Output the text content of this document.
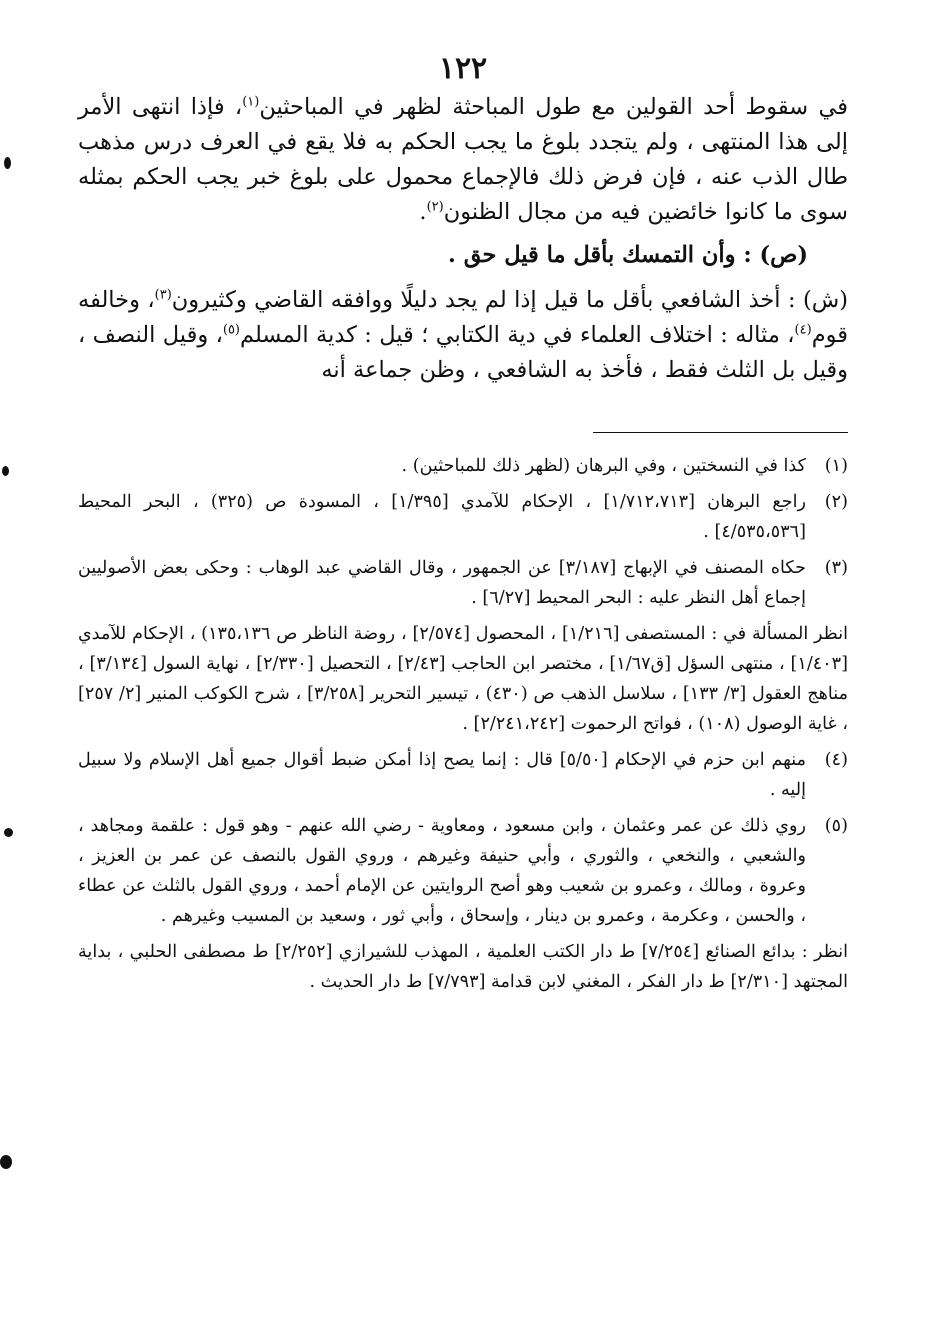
١٢٢

في سقوط أحد القولين مع طول المباحثة لظهر في المباحثين$^{(١)}$، فإذا انتهى الأمر إلى هذا المنتهى ، ولم يتجدد بلوغ ما يجب الحكم به فلا يقع في العرف درس مذهب طال الذب عنه ، فإن فرض ذلك فالإجماع محمول على بلوغ خبر يجب الحكم بمثله سوى ما كانوا خائضين فيه من مجال الظنون$^{(٢)}$.

(ص) : وأن التمسك بأقل ما قيل حق .

(ش) : أخذ الشافعي بأقل ما قيل إذا لم يجد دليلًا ووافقه القاضي وكثيرون$^{(٣)}$، وخالفه قوم$^{(٤)}$، مثاله : اختلاف العلماء في دية الكتابي ؛ قيل : كدية المسلم$^{(٥)}$، وقيل النصف ، وقيل بل الثلث فقط ، فأخذ به الشافعي ، وظن جماعة أنه

(١)
كذا في النسختين ، وفي البرهان (لظهر ذلك للمباحثين) .
(٢)
راجع البرهان [١/٧١٢،٧١٣] ، الإحكام للآمدي [١/٣٩٥] ، المسودة ص (٣٢٥) ، البحر المحيط [٤/٥٣٥،٥٣٦] .
(٣)
حكاه المصنف في الإبهاج [٣/١٨٧] عن الجمهور ، وقال القاضي عبد الوهاب : وحكى بعض الأصوليين إجماع أهل النظر عليه : البحر المحيط [٦/٢٧] .
انظر المسألة في : المستصفى [١/٢١٦] ، المحصول [٢/٥٧٤] ، روضة الناظر ص ١٣٥،١٣٦) ، الإحكام للآمدي [١/٤٠٣] ، منتهى السؤل [ق١/٦٧] ، مختصر ابن الحاجب [٢/٤٣] ، التحصيل [٢/٣٣٠] ، نهاية السول [٣/١٣٤] ، مناهج العقول [٣/ ١٣٣] ، سلاسل الذهب ص (٤٣٠) ، تيسير التحرير [٣/٢٥٨] ، شرح الكوكب المنير [٢/ ٢٥٧] ، غاية الوصول (١٠٨) ، فواتح الرحموت [٢/٢٤١،٢٤٢] .
(٤)
منهم ابن حزم في الإحكام [٥/٥٠] قال : إنما يصح إذا أمكن ضبط أقوال جميع أهل الإسلام ولا سبيل إليه .
(٥)
روي ذلك عن عمر وعثمان ، وابن مسعود ، ومعاوية - رضي الله عنهم - وهو قول : علقمة ومجاهد ، والشعبي ، والنخعي ، والثوري ، وأبي حنيفة وغيرهم ، وروي القول بالنصف عن عمر بن العزيز ، وعروة ، ومالك ، وعمرو بن شعيب وهو أصح الروايتين عن الإمام أحمد ، وروي القول بالثلث عن عطاء ، والحسن ، وعكرمة ، وعمرو بن دينار ، وإسحاق ، وأبي ثور ، وسعيد بن المسيب وغيرهم .
انظر : بدائع الصنائع [٧/٢٥٤] ط دار الكتب العلمية ، المهذب للشيرازي [٢/٢٥٢] ط مصطفى الحلبي ، بداية المجتهد [٢/٣١٠] ط دار الفكر ، المغني لابن قدامة [٧/٧٩٣] ط دار الحديث .
